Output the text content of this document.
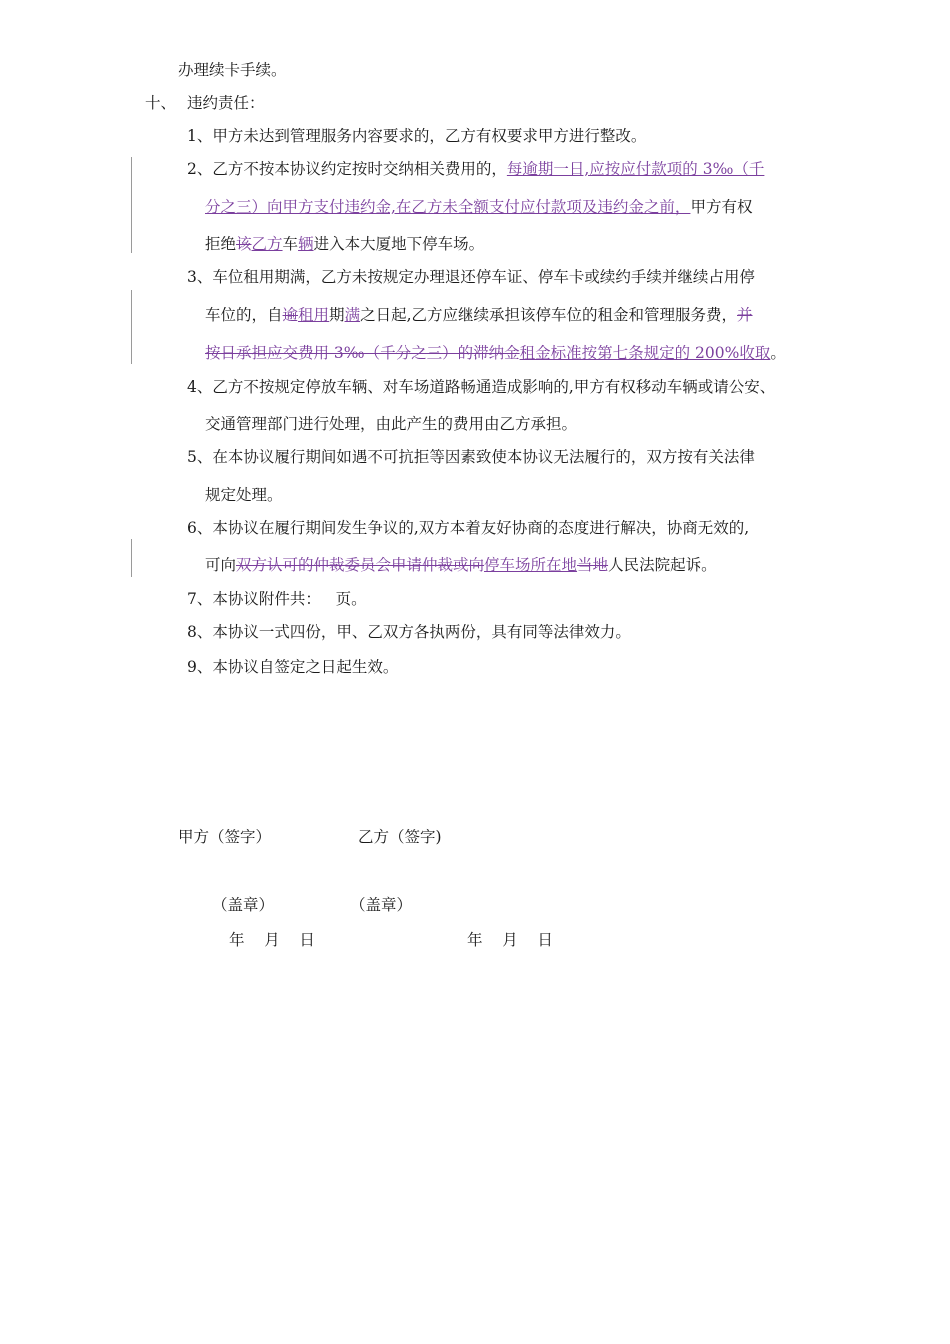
办理续卡手续。
十、 违约责任：
1、甲方未达到管理服务内容要求的，乙方有权要求甲方进行整改。
2、乙方不按本协议约定按时交纳相关费用的，每逾期一日,应按应付款项的 3‰（千
分之三）向甲方支付违约金,在乙方未全额支付应付款项及违约金之前，甲方有权
拒绝该乙方车辆进入本大厦地下停车场。
3、车位租用期满，乙方未按规定办理退还停车证、停车卡或续约手续并继续占用停
车位的，自逾租用期满之日起,乙方应继续承担该停车位的租金和管理服务费，并
按日承担应交费用 3‰（千分之三）的滞纳金租金标准按第七条规定的 200%收取。
4、乙方不按规定停放车辆、对车场道路畅通造成影响的,甲方有权移动车辆或请公安、
交通管理部门进行处理，由此产生的费用由乙方承担。
5、在本协议履行期间如遇不可抗拒等因素致使本协议无法履行的，双方按有关法律
规定处理。
6、本协议在履行期间发生争议的,双方本着友好协商的态度进行解决，协商无效的,
可向双方认可的仲裁委员会申请仲裁或向停车场所在地当地人民法院起诉。
7、本协议附件共：   页。
8、本协议一式四份，甲、乙双方各执两份，具有同等法律效力。
9、本协议自签定之日起生效。
甲方（签字）	乙方（签字)
（盖章）	（盖章）
年    月    日	年    月    日
